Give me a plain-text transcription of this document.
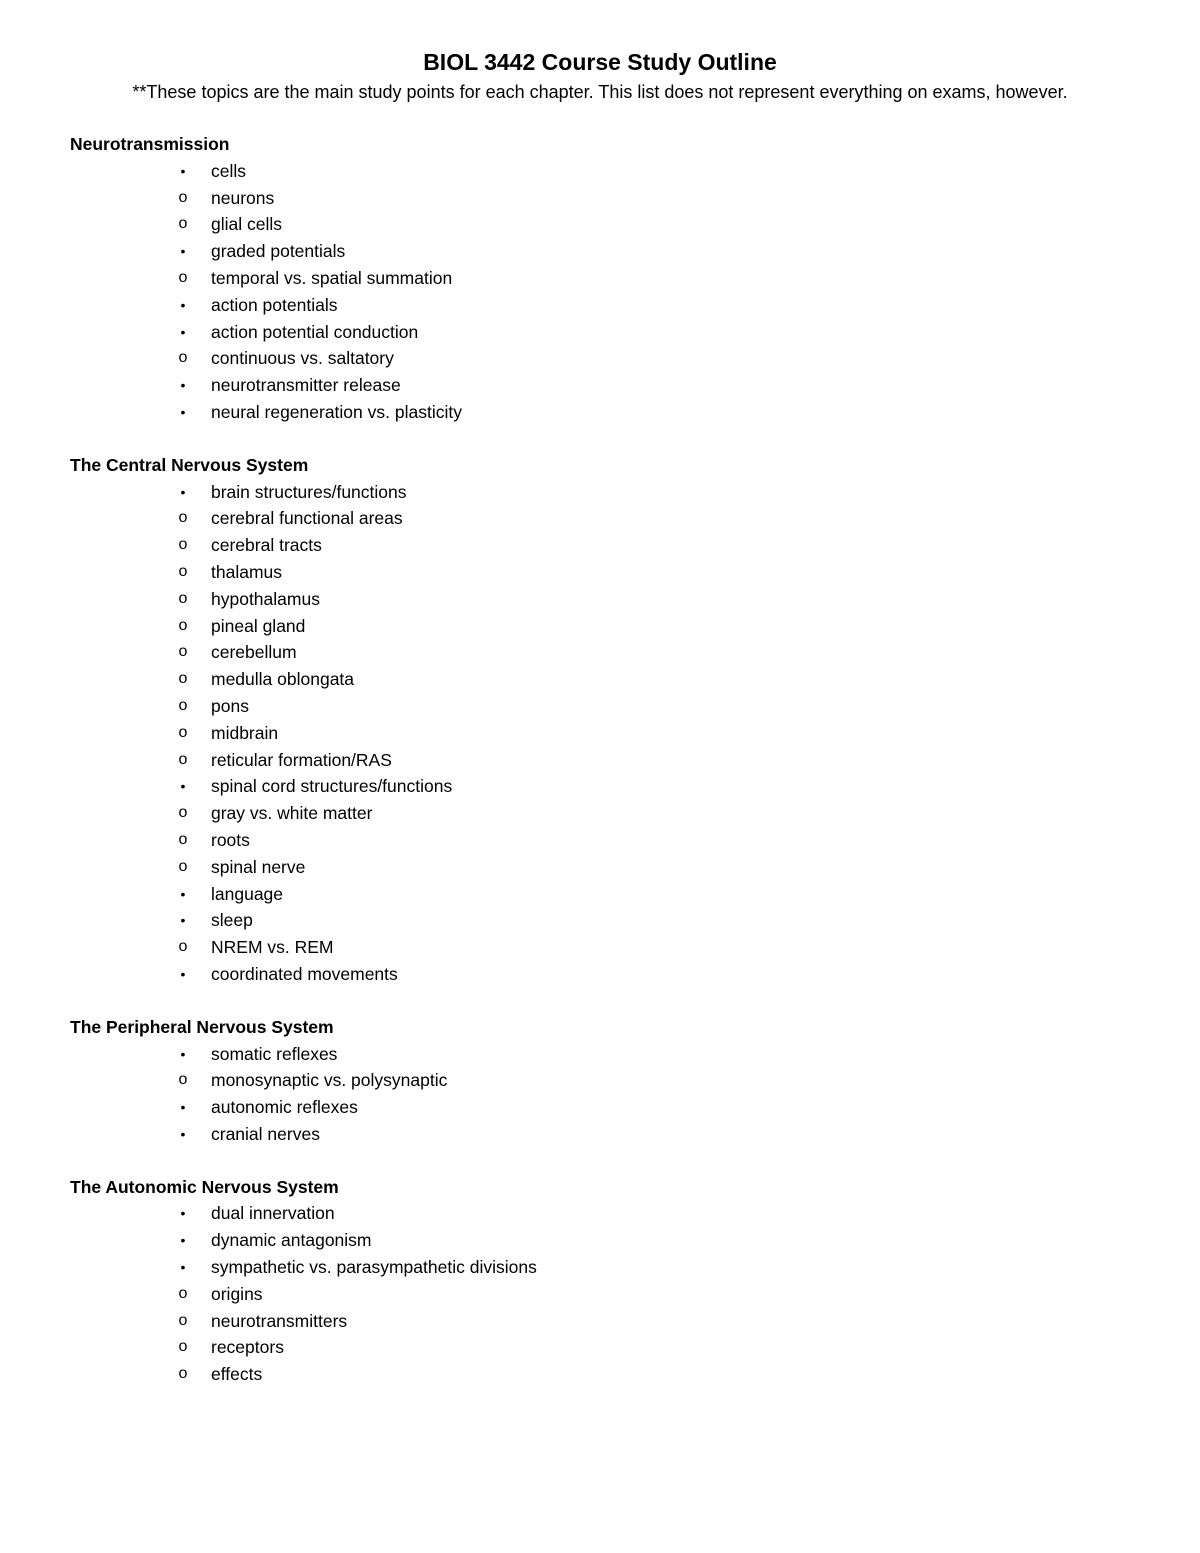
BIOL 3442 Course Study Outline
**These topics are the main study points for each chapter. This list does not represent everything on exams, however.
Neurotransmission
•	cells
o	neurons
o	glial cells
•	graded potentials
o	temporal vs. spatial summation
•	action potentials
•	action potential conduction
o	continuous vs. saltatory
•	neurotransmitter release
•	neural regeneration vs. plasticity
The Central Nervous System
•	brain structures/functions
o	cerebral functional areas
o	cerebral tracts
o	thalamus
o	hypothalamus
o	pineal gland
o	cerebellum
o	medulla oblongata
o	pons
o	midbrain
o	reticular formation/RAS
•	spinal cord structures/functions
o	gray vs. white matter
o	roots
o	spinal nerve
•	language
•	sleep
o	NREM vs. REM
•	coordinated movements
The Peripheral Nervous System
•	somatic reflexes
o	monosynaptic vs. polysynaptic
•	autonomic reflexes
•	cranial nerves
The Autonomic Nervous System
•	dual innervation
•	dynamic antagonism
•	sympathetic vs. parasympathetic divisions
o	origins
o	neurotransmitters
o	receptors
o	effects
